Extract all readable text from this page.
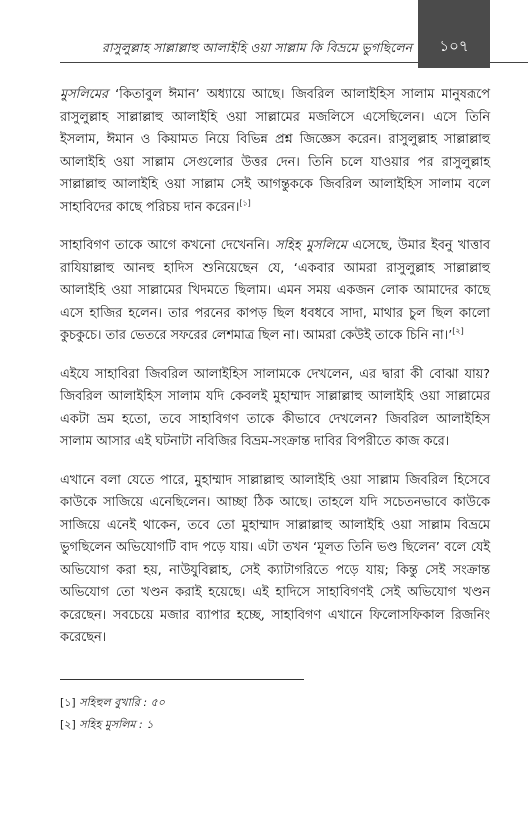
রাসুলুল্লাহ সাল্লাল্লাহু আলাইহি ওয়া সাল্লাম কি বিভ্রমে ভুগছিলেন	১০৭

মুসলিমের ‘কিতাবুল ঈমান’ অধ্যায়ে আছে। জিবরিল আলাইহিস সালাম মানুষরূপে রাসুলুল্লাহ সাল্লাল্লাহু আলাইহি ওয়া সাল্লামের মজলিসে এসেছিলেন। এসে তিনি ইসলাম, ঈমান ও কিয়ামত নিয়ে বিভিন্ন প্রশ্ন জিজ্ঞেস করেন। রাসুলুল্লাহ সাল্লাল্লাহু আলাইহি ওয়া সাল্লাম সেগুলোর উত্তর দেন। তিনি চলে যাওয়ার পর রাসুলুল্লাহ সাল্লাল্লাহু আলাইহি ওয়া সাল্লাম সেই আগন্তুককে জিবরিল আলাইহিস সালাম বলে সাহাবিদের কাছে পরিচয় দান করেন।[১]

সাহাবিগণ তাকে আগে কখনো দেখেননি। সহিহ মুসলিমে এসেছে, উমার ইবনু খাত্তাব রাযিয়াল্লাহু আনহু হাদিস শুনিয়েছেন যে, ‘একবার আমরা রাসুলুল্লাহ সাল্লাল্লাহু আলাইহি ওয়া সাল্লামের খিদমতে ছিলাম। এমন সময় একজন লোক আমাদের কাছে এসে হাজির হলেন। তার পরনের কাপড় ছিল ধবধবে সাদা, মাথার চুল ছিল কালো কুচকুচে। তার ভেতরে সফরের লেশমাত্র ছিল না। আমরা কেউই তাকে চিনি না।’[২]

এইযে সাহাবিরা জিবরিল আলাইহিস সালামকে দেখলেন, এর দ্বারা কী বোঝা যায়? জিবরিল আলাইহিস সালাম যদি কেবলই মুহাম্মাদ সাল্লাল্লাহু আলাইহি ওয়া সাল্লামের একটা ভ্রম হতো, তবে সাহাবিগণ তাকে কীভাবে দেখলেন? জিবরিল আলাইহিস সালাম আসার এই ঘটনাটা নবিজির বিভ্রম-সংক্রান্ত দাবির বিপরীতে কাজ করে।

এখানে বলা যেতে পারে, মুহাম্মাদ সাল্লাল্লাহু আলাইহি ওয়া সাল্লাম জিবরিল হিসেবে কাউকে সাজিয়ে এনেছিলেন। আচ্ছা ঠিক আছে। তাহলে যদি সচেতনভাবে কাউকে সাজিয়ে এনেই থাকেন, তবে তো মুহাম্মাদ সাল্লাল্লাহু আলাইহি ওয়া সাল্লাম বিভ্রমে ভুগছিলেন অভিযোগটি বাদ পড়ে যায়। এটা তখন ‘মূলত তিনি ভণ্ড ছিলেন’ বলে যেই অভিযোগ করা হয়, নাউযুবিল্লাহ, সেই ক্যাটাগরিতে পড়ে যায়; কিন্তু সেই সংক্রান্ত অভিযোগ তো খণ্ডন করাই হয়েছে। এই হাদিসে সাহাবিগণই সেই অভিযোগ খণ্ডন করেছেন। সবচেয়ে মজার ব্যাপার হচ্ছে, সাহাবিগণ এখানে ফিলোসফিকাল রিজনিং করেছেন।

[১] সহিহুল বুখারি : ৫০
[২] সহিহ মুসলিম : ১
